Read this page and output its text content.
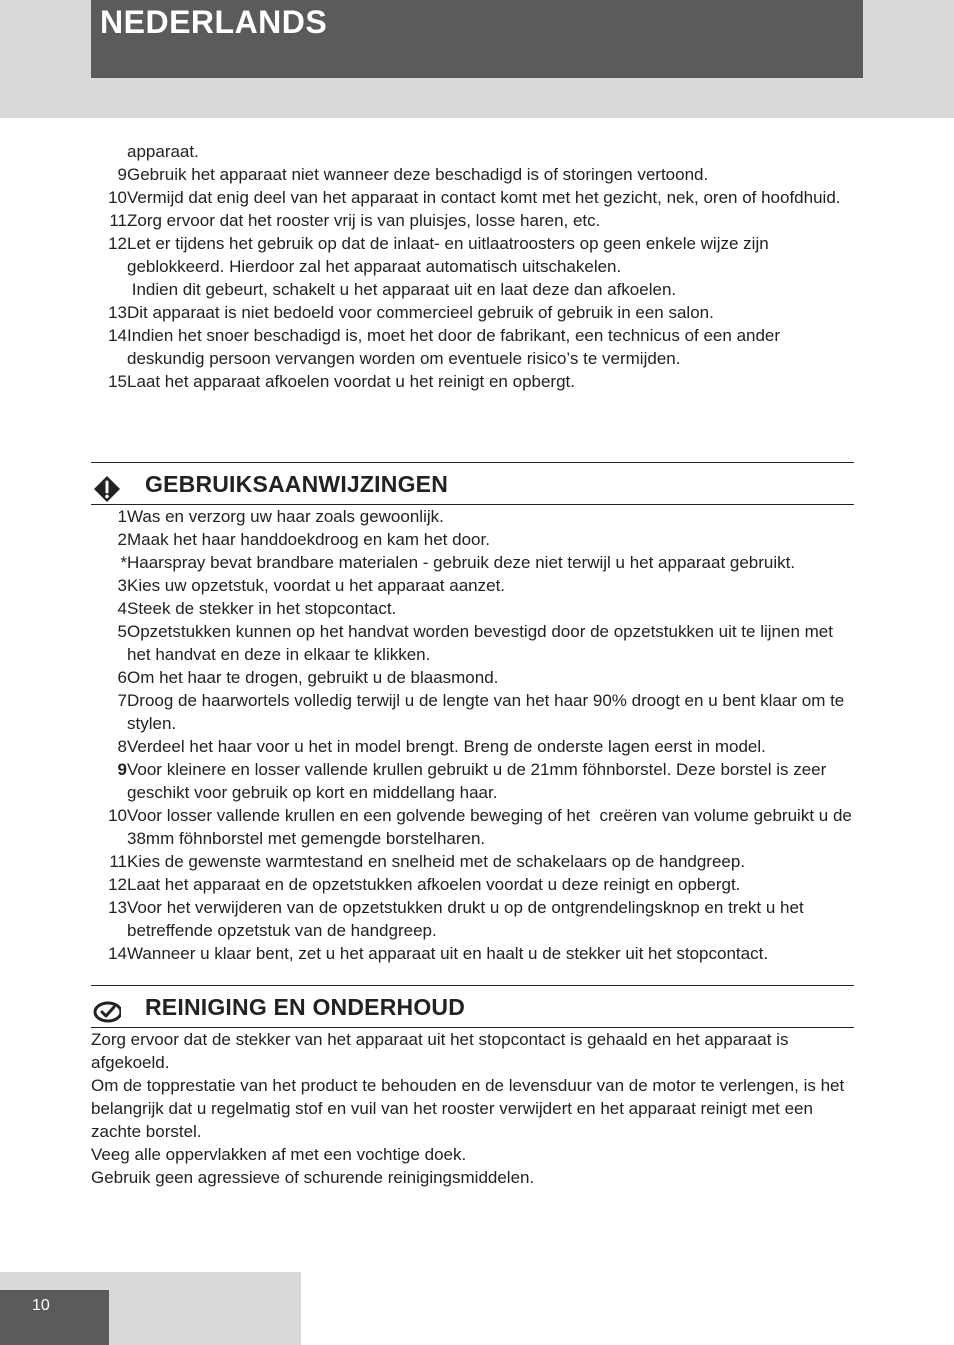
NEDERLANDS
apparaat.
9 Gebruik het apparaat niet wanneer deze beschadigd is of storingen vertoond.
10 Vermijd dat enig deel van het apparaat in contact komt met het gezicht, nek, oren of hoofdhuid.
11 Zorg ervoor dat het rooster vrij is van pluisjes, losse haren, etc.
12 Let er tijdens het gebruik op dat de inlaat- en uitlaatroosters op geen enkele wijze zijn geblokkeerd. Hierdoor zal het apparaat automatisch uitschakelen.
Indien dit gebeurt, schakelt u het apparaat uit en laat deze dan afkoelen.
13 Dit apparaat is niet bedoeld voor commercieel gebruik of gebruik in een salon.
14 Indien het snoer beschadigd is, moet het door de fabrikant, een technicus of een ander deskundig persoon vervangen worden om eventuele risico’s te vermijden.
15 Laat het apparaat afkoelen voordat u het reinigt en opbergt.
GEBRUIKSAANWIJZINGEN
1 Was en verzorg uw haar zoals gewoonlijk.
2 Maak het haar handdoekdroog en kam het door.
* Haarspray bevat brandbare materialen - gebruik deze niet terwijl u het apparaat gebruikt.
3 Kies uw opzetstuk, voordat u het apparaat aanzet.
4 Steek de stekker in het stopcontact.
5 Opzetstukken kunnen op het handvat worden bevestigd door de opzetstukken uit te lijnen met het handvat en deze in elkaar te klikken.
6 Om het haar te drogen, gebruikt u de blaasmond.
7 Droog de haarwortels volledig terwijl u de lengte van het haar 90% droogt en u bent klaar om te stylen.
8 Verdeel het haar voor u het in model brengt. Breng de onderste lagen eerst in model.
9 Voor kleinere en losser vallende krullen gebruikt u de 21mm föhnborstel. Deze borstel is zeer geschikt voor gebruik op kort en middellang haar.
10 Voor losser vallende krullen en een golvende beweging of het  creëren van volume gebruikt u de 38mm föhnborstel met gemengde borstelharen.
11 Kies de gewenste warmtestand en snelheid met de schakelaars op de handgreep.
12 Laat het apparaat en de opzetstukken afkoelen voordat u deze reinigt en opbergt.
13 Voor het verwijderen van de opzetstukken drukt u op de ontgrendelingsknop en trekt u het betreffende opzetstuk van de handgreep.
14 Wanneer u klaar bent, zet u het apparaat uit en haalt u de stekker uit het stopcontact.
REINIGING EN ONDERHOUD
Zorg ervoor dat de stekker van het apparaat uit het stopcontact is gehaald en het apparaat is afgekoeld.
Om de topprestatie van het product te behouden en de levensduur van de motor te verlengen, is het belangrijk dat u regelmatig stof en vuil van het rooster verwijdert en het apparaat reinigt met een zachte borstel.
Veeg alle oppervlakken af met een vochtige doek.
Gebruik geen agressieve of schurende reinigingsmiddelen.
10
